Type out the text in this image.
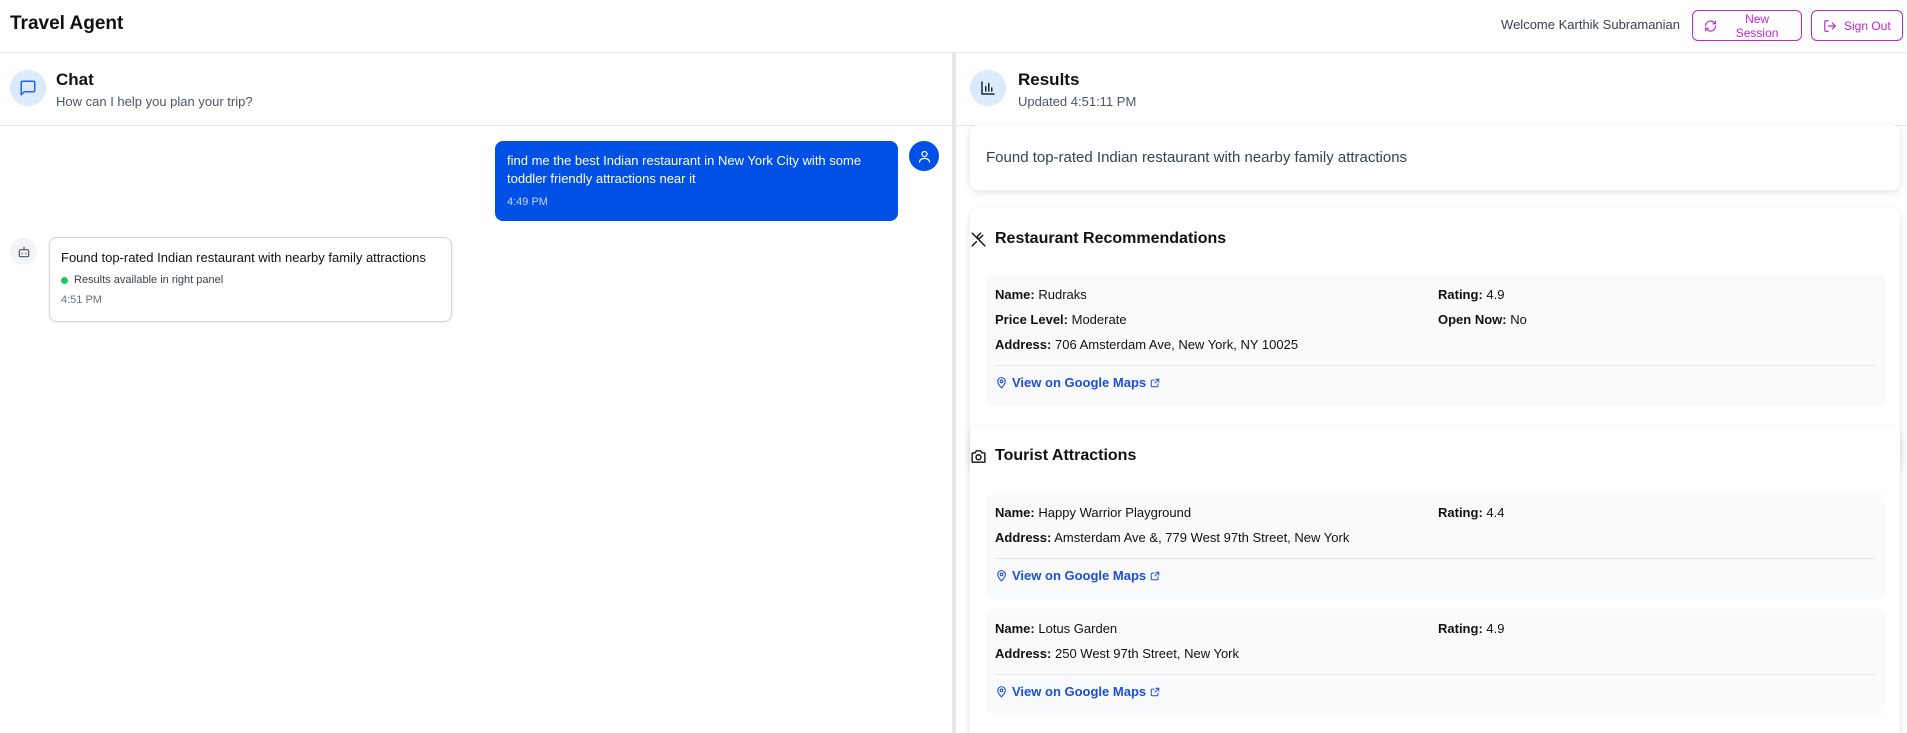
Travel Agent	Welcome Karthik Subramanian	New Session	Sign Out
Chat
How can I help you plan your trip?
find me the best Indian restaurant in New York City with some toddler friendly attractions near it
4:49 PM
Found top-rated Indian restaurant with nearby family attractions
Results available in right panel
4:51 PM
Results
Updated 4:51:11 PM
Found top-rated Indian restaurant with nearby family attractions
Restaurant Recommendations
Name: Rudraks	Rating: 4.9
Price Level: Moderate	Open Now: No
Address: 706 Amsterdam Ave, New York, NY 10025
View on Google Maps
Tourist Attractions
Name: Happy Warrior Playground	Rating: 4.4
Address: Amsterdam Ave &, 779 West 97th Street, New York
View on Google Maps
Name: Lotus Garden	Rating: 4.9
Address: 250 West 97th Street, New York
View on Google Maps
